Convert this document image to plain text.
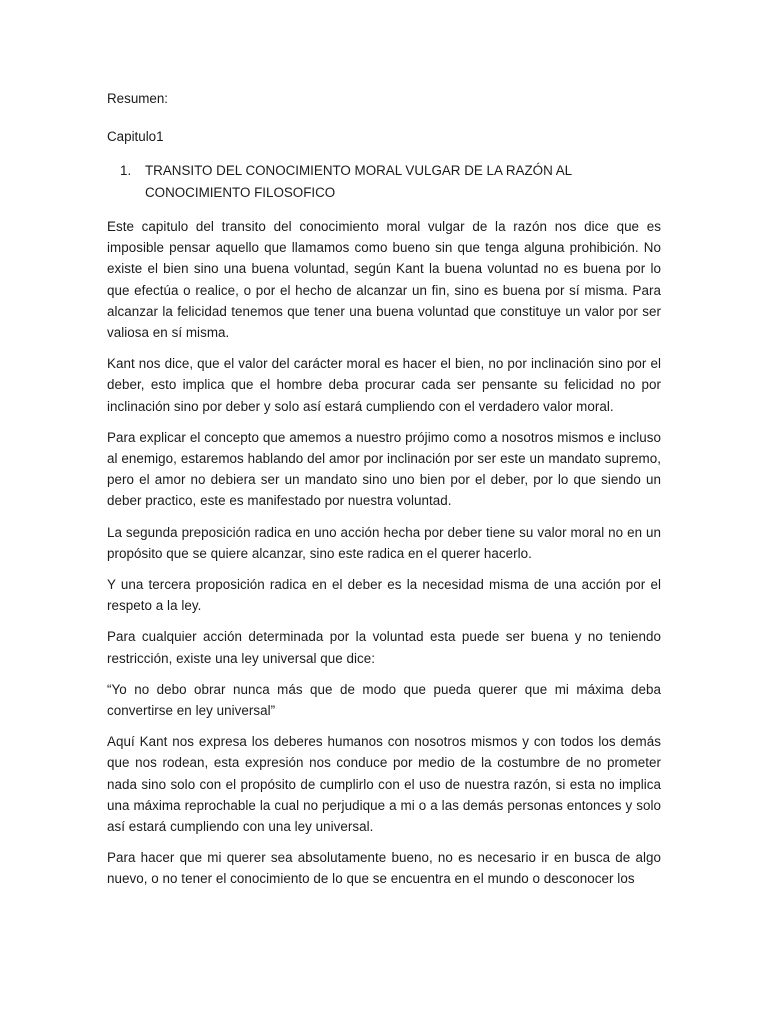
Resumen:

Capitulo1

1.	TRANSITO DEL CONOCIMIENTO MORAL VULGAR DE LA RAZÓN AL CONOCIMIENTO FILOSOFICO

Este capitulo del transito del conocimiento moral vulgar de la razón nos dice que es imposible pensar aquello que llamamos como bueno sin que tenga alguna prohibición. No existe el bien sino una buena voluntad, según Kant la buena voluntad no es buena por lo que efectúa o realice, o por el hecho de alcanzar un fin, sino es buena por sí misma. Para alcanzar la felicidad tenemos que tener una buena voluntad que constituye un valor por ser valiosa en sí misma.

Kant nos dice, que el valor del carácter moral es hacer el bien, no por inclinación sino por el deber, esto implica que el hombre deba procurar cada ser pensante su felicidad no por inclinación sino por deber y solo así estará cumpliendo con el verdadero valor moral.

Para explicar el concepto que amemos a nuestro prójimo como a nosotros mismos e incluso al enemigo, estaremos hablando del amor por inclinación por ser este un mandato supremo, pero el amor no debiera ser un mandato sino uno bien por el deber, por lo que siendo un deber practico, este es manifestado por nuestra voluntad.

La segunda preposición radica en uno acción hecha por deber tiene su valor moral no en un propósito que se quiere alcanzar, sino este radica en el querer hacerlo.

Y una tercera proposición radica en el deber es la necesidad misma de una acción por el respeto a la ley.

Para cualquier acción determinada por la voluntad esta puede ser buena y no teniendo restricción, existe una ley universal que dice:

“Yo no debo obrar nunca más que de modo que pueda querer que mi máxima deba convertirse en ley universal”

Aquí Kant nos expresa los deberes humanos con nosotros mismos y con todos los demás que nos rodean, esta expresión nos conduce por medio de la costumbre de no prometer nada sino solo con el propósito de cumplirlo con el uso de nuestra razón, si esta no implica una máxima reprochable la cual no perjudique a mi o a las demás personas entonces y solo así estará cumpliendo con una ley universal.

Para hacer que mi querer sea absolutamente bueno, no es necesario ir en busca de algo nuevo, o no tener el conocimiento de lo que se encuentra en el mundo o desconocer los
